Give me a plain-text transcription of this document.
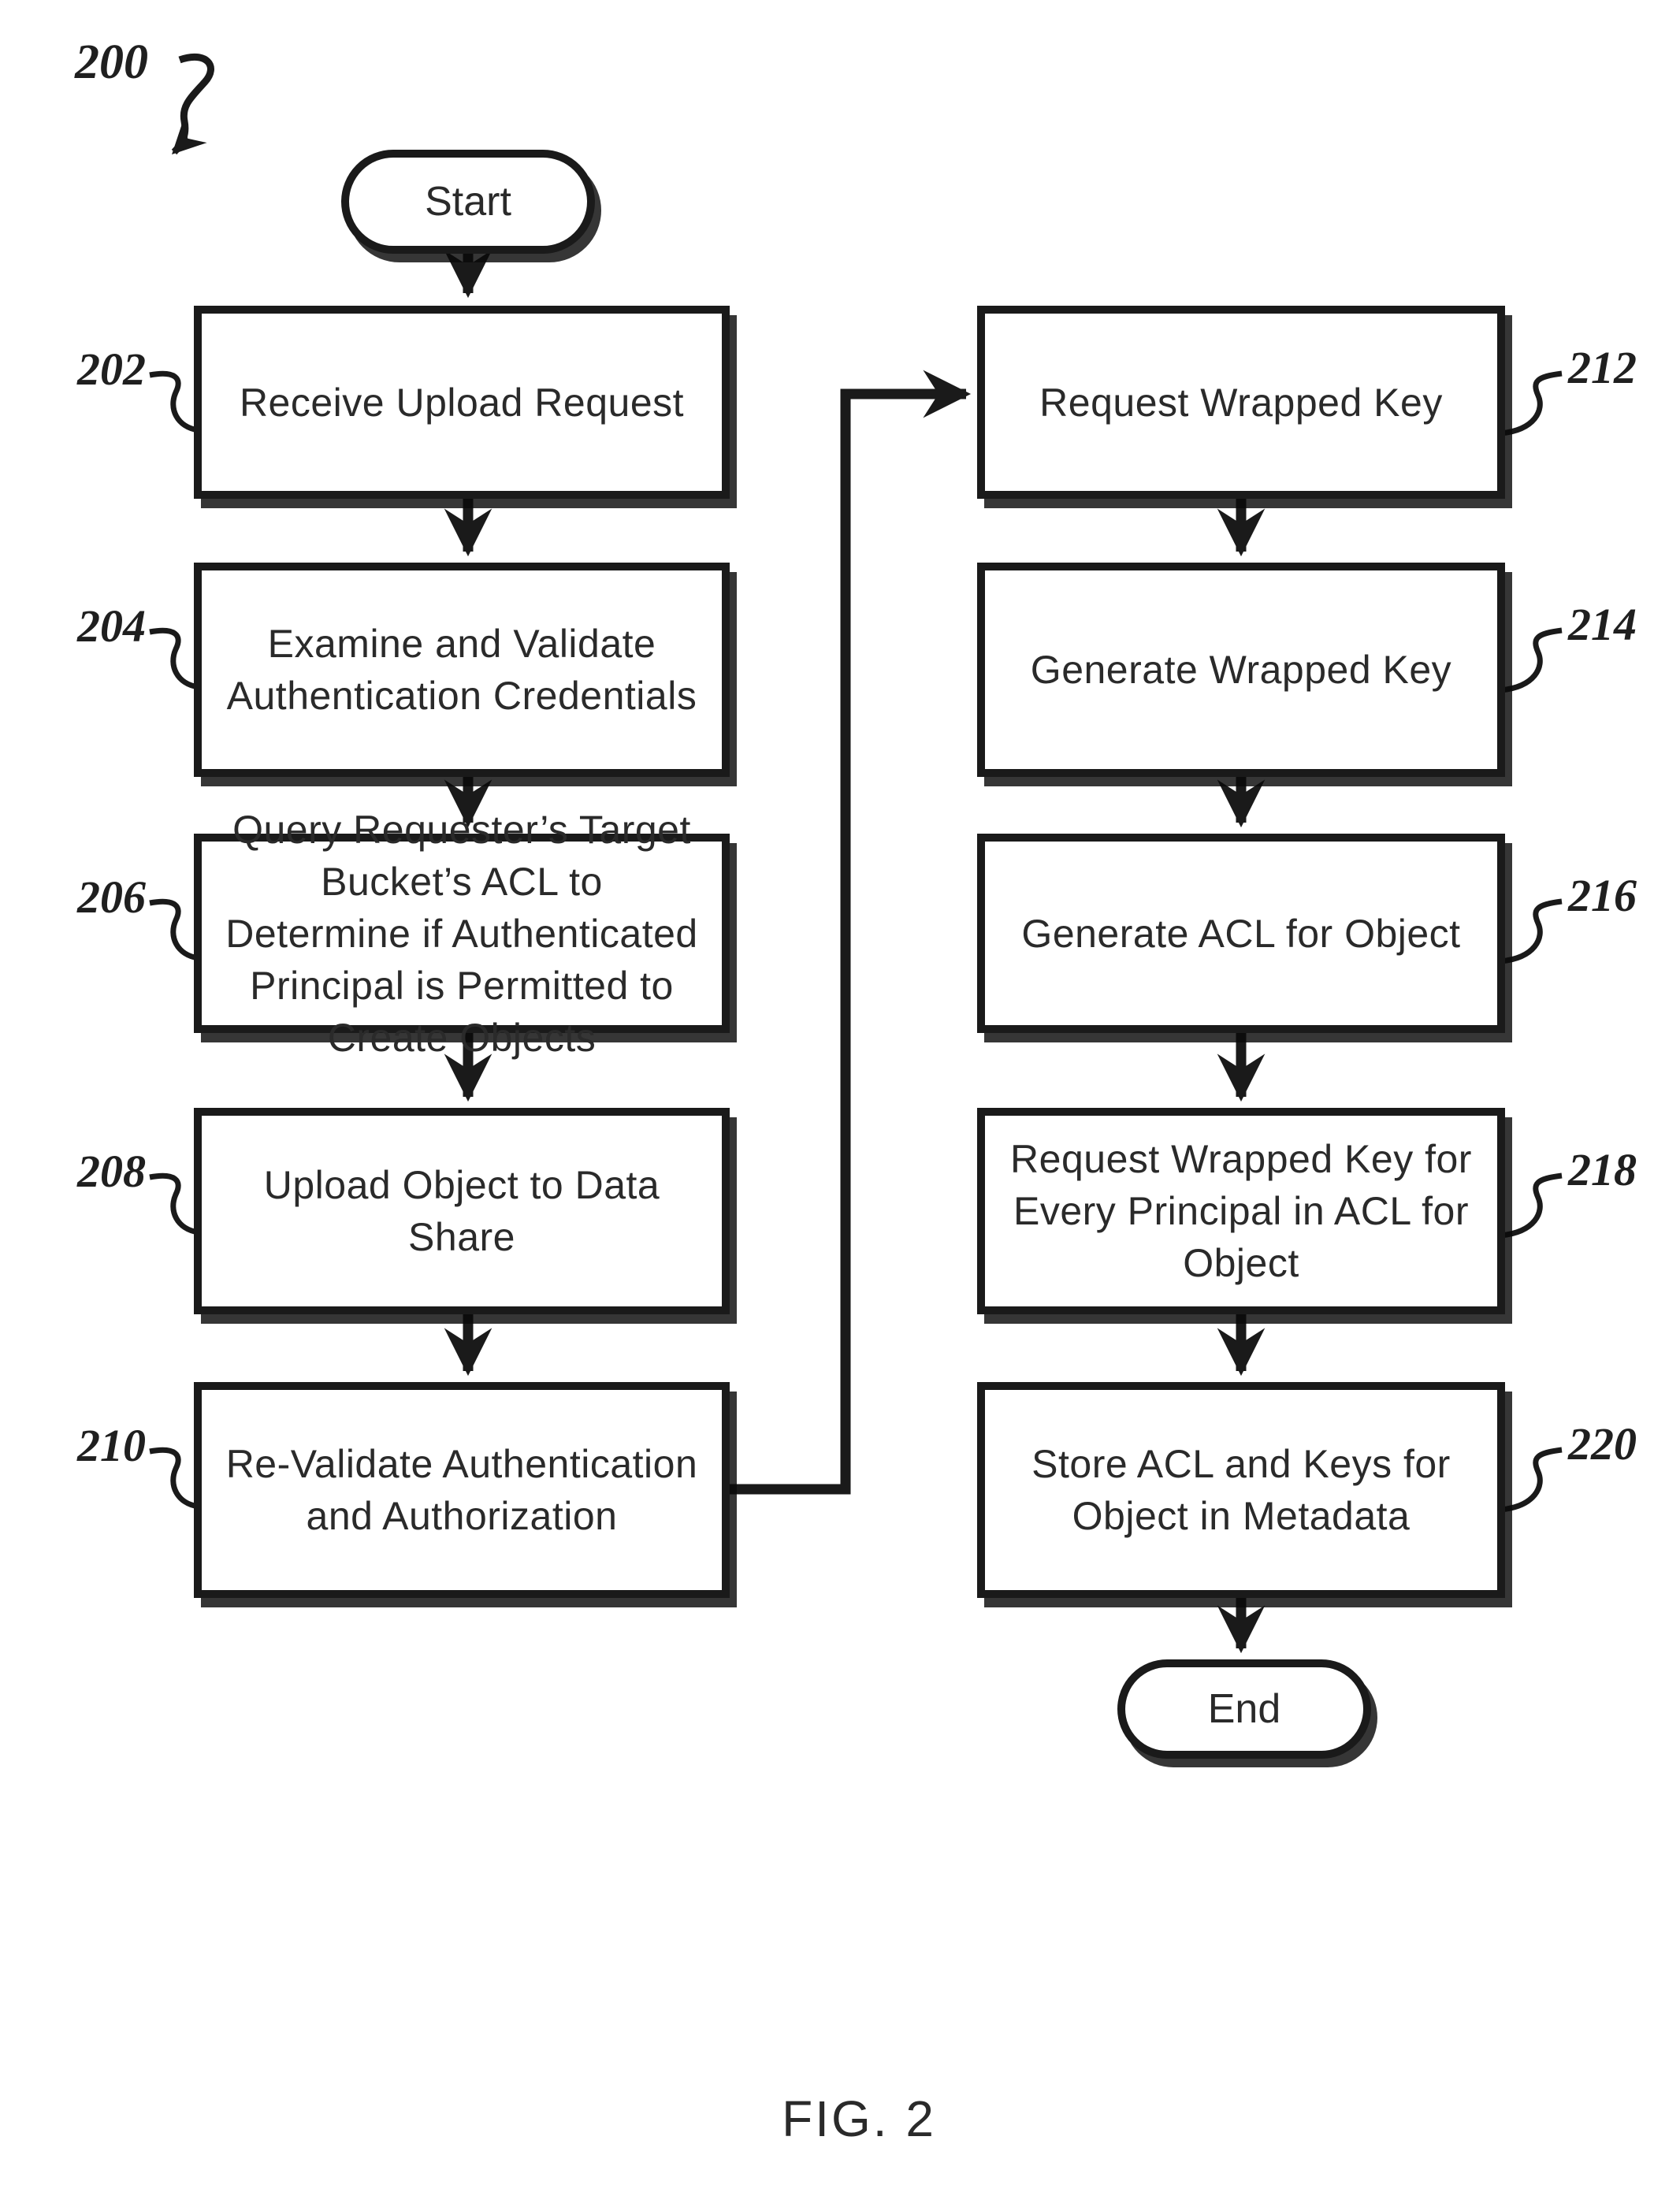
200
Start
Receive Upload Request
Examine and Validate Authentication Credentials
Query Requester’s Target Bucket’s ACL to Determine if Authenticated Principal is Permitted to Create Objects
Upload Object to Data Share
Re-Validate Authentication and Authorization
Request Wrapped Key
Generate Wrapped Key
Generate ACL for Object
Request Wrapped Key for Every Principal in ACL for Object
Store ACL and Keys for Object in Metadata
End
202
204
206
208
210
212
214
216
218
220
FIG. 2
